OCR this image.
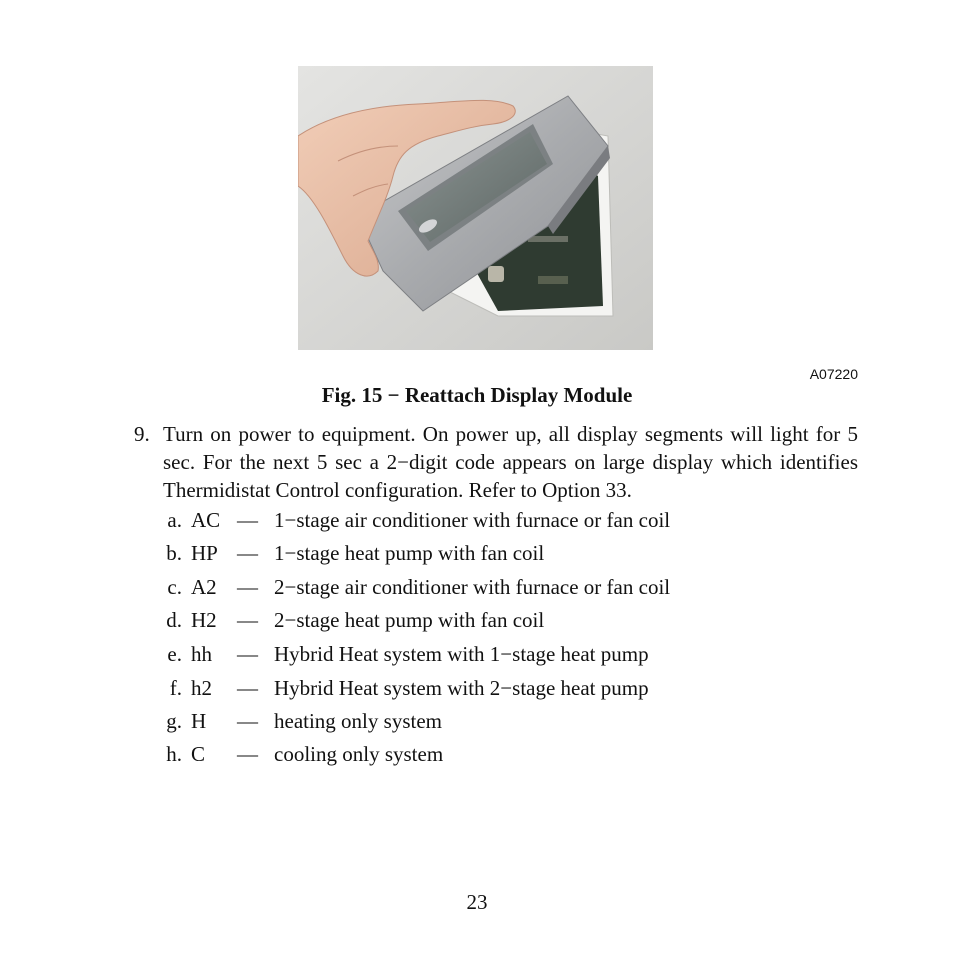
A07220
Fig. 15 − Reattach Display Module
9. Turn on power to equipment. On power up, all display segments will light for 5 sec. For the next 5 sec a 2−digit code appears on large display which identifies Thermidistat Control configuration. Refer to Option 33.
a. AC — 1−stage air conditioner with furnace or fan coil
b. HP — 1−stage heat pump with fan coil
c. A2 — 2−stage air conditioner with furnace or fan coil
d. H2 — 2−stage heat pump with fan coil
e. hh — Hybrid Heat system with 1−stage heat pump
f. h2 — Hybrid Heat system with 2−stage heat pump
g. H — heating only system
h. C — cooling only system
23
